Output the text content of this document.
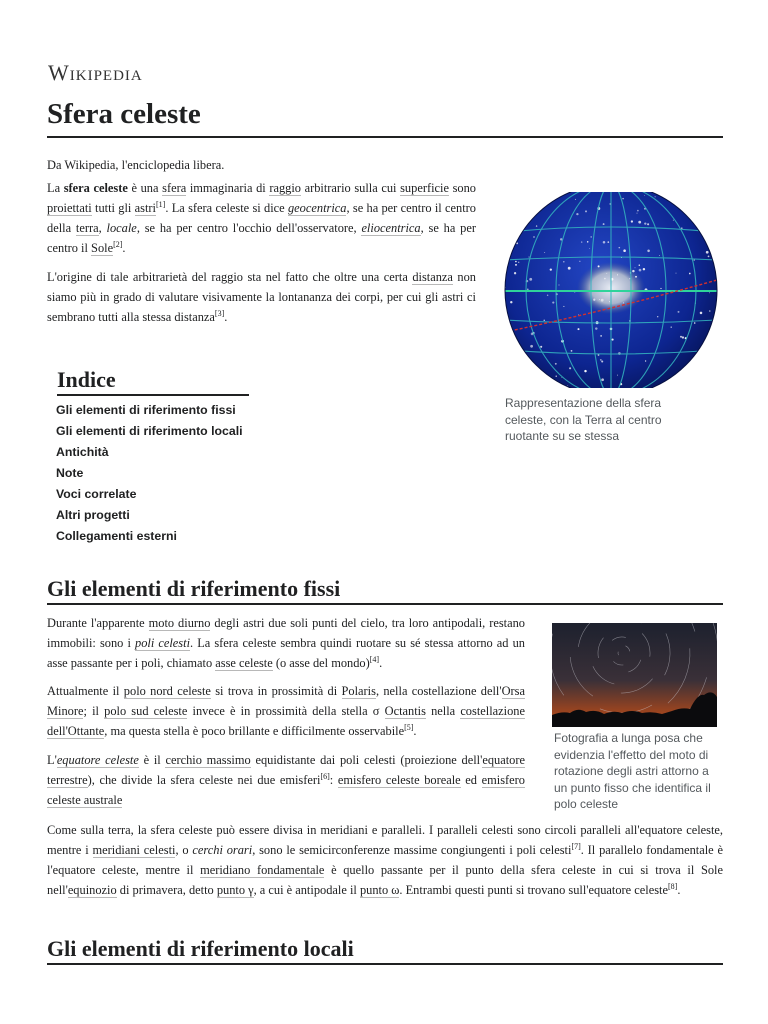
Wikipedia
Sfera celeste

Da Wikipedia, l'enciclopedia libera.

La sfera celeste è una sfera immaginaria di raggio arbitrario sulla cui superficie sono proiettati tutti gli astri[1]. La sfera celeste si dice geocentrica, se ha per centro il centro della terra, locale, se ha per centro l'occhio dell'osservatore, eliocentrica, se ha per centro il Sole[2].

L'origine di tale arbitrarietà del raggio sta nel fatto che oltre una certa distanza non siamo più in grado di valutare visivamente la lontananza dei corpi, per cui gli astri ci sembrano tutti alla stessa distanza[3].

Rappresentazione della sfera celeste, con la Terra al centro ruotante su se stessa

Indice
Gli elementi di riferimento fissi
Gli elementi di riferimento locali
Antichità
Note
Voci correlate
Altri progetti
Collegamenti esterni
Gli elementi di riferimento fissi

Durante l'apparente moto diurno degli astri due soli punti del cielo, tra loro antipodali, restano immobili: sono i poli celesti. La sfera celeste sembra quindi ruotare su sé stessa attorno ad un asse passante per i poli, chiamato asse celeste (o asse del mondo)[4].

Attualmente il polo nord celeste si trova in prossimità di Polaris, nella costellazione dell'Orsa Minore; il polo sud celeste invece è in prossimità della stella σ Octantis nella costellazione dell'Ottante, ma questa stella è poco brillante e difficilmente osservabile[5].

L'equatore celeste è il cerchio massimo equidistante dai poli celesti (proiezione dell'equatore terrestre), che divide la sfera celeste nei due emisferi[6]: emisfero celeste boreale ed emisfero celeste australe

Come sulla terra, la sfera celeste può essere divisa in meridiani e paralleli. I paralleli celesti sono circoli paralleli all'equatore celeste, mentre i meridiani celesti, o cerchi orari, sono le semicirconferenze massime congiungenti i poli celesti[7]. Il parallelo fondamentale è l'equatore celeste, mentre il meridiano fondamentale è quello passante per il punto della sfera celeste in cui si trova il Sole nell'equinozio di primavera, detto punto γ, a cui è antipodale il punto ω. Entrambi questi punti si trovano sull'equatore celeste[8].

Fotografia a lunga posa che evidenzia l'effetto del moto di rotazione degli astri attorno a un punto fisso che identifica il polo celeste

Gli elementi di riferimento locali
